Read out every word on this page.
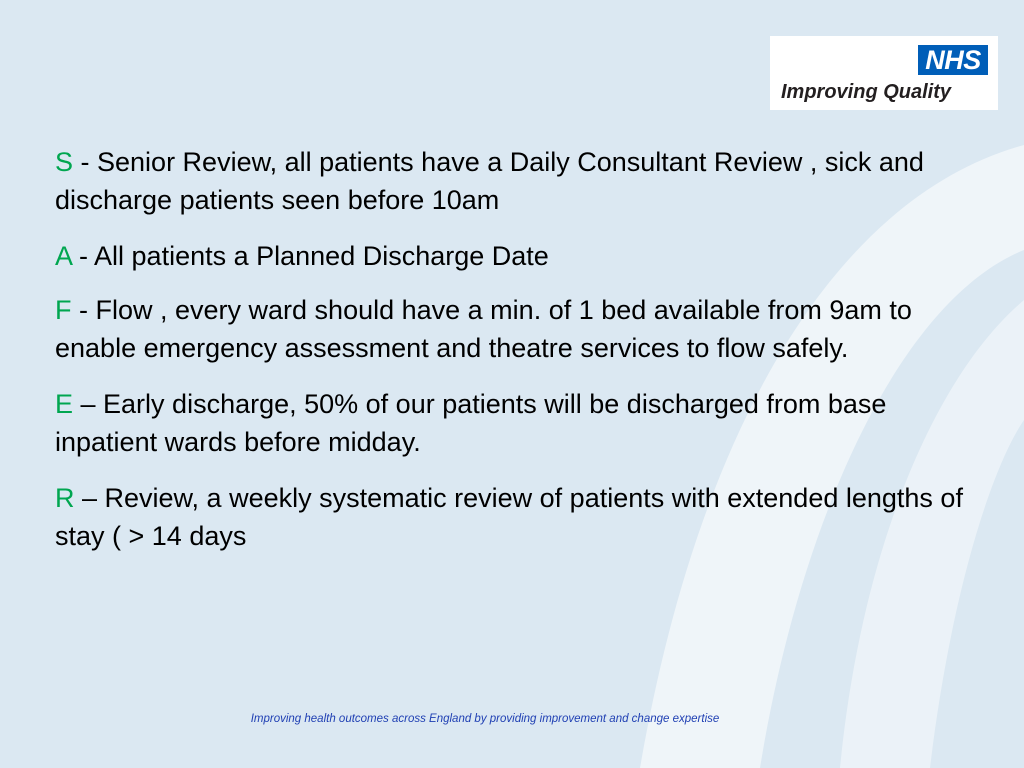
NHS
Improving Quality

S - Senior Review, all patients have a Daily Consultant Review , sick and discharge patients seen before 10am

A - All patients a Planned Discharge Date

F - Flow , every ward should have a min. of 1 bed available from 9am to enable emergency assessment and theatre services to flow safely.

E – Early discharge, 50% of our patients will be discharged from base inpatient wards before midday.

R – Review, a weekly systematic review of patients with extended lengths of stay ( > 14 days

Improving health outcomes across England by providing improvement and change expertise
